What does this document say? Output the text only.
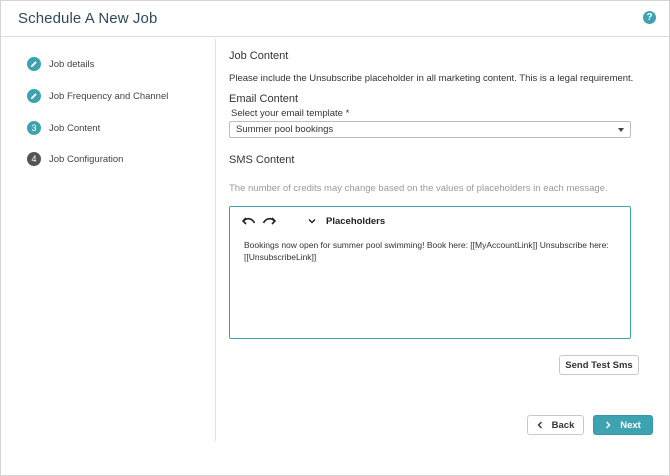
Schedule A New Job	?
Job details
Job Frequency and Channel
3	Job Content
4	Job Configuration
Job Content
Please include the Unsubscribe placeholder in all marketing content. This is a legal requirement.
Email Content
Select your email template *
Summer pool bookings
SMS Content
The number of credits may change based on the values of placeholders in each message.
Placeholders
Bookings now open for summer pool swimming! Book here: [[MyAccountLink]] Unsubscribe here: [[UnsubscribeLink]]
Send Test Sms
Back	Next
